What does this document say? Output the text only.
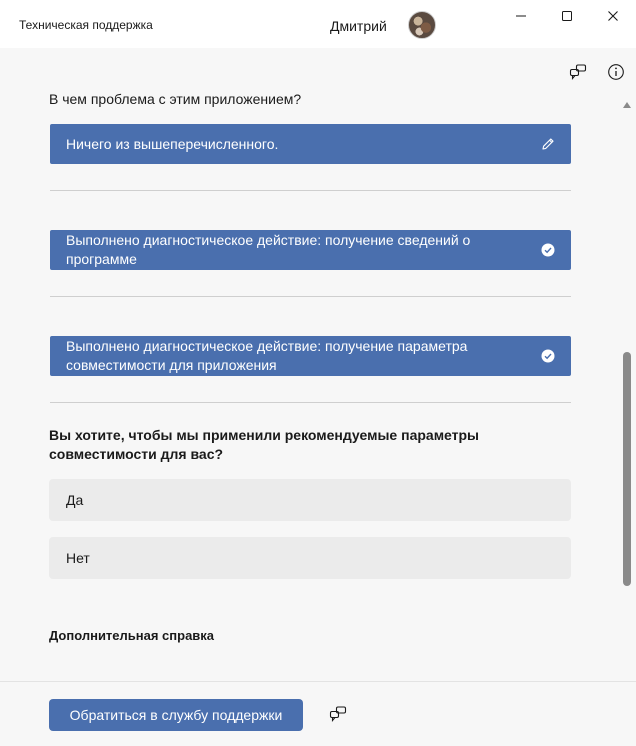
Техническая поддержка	Дмитрий
В чем проблема с этим приложением?
Ничего из вышеперечисленного.
Выполнено диагностическое действие: получение сведений о программе
Выполнено диагностическое действие: получение параметра совместимости для приложения
Вы хотите, чтобы мы применили рекомендуемые параметры совместимости для вас?
Да
Нет
Дополнительная справка
Обратиться в службу поддержки
